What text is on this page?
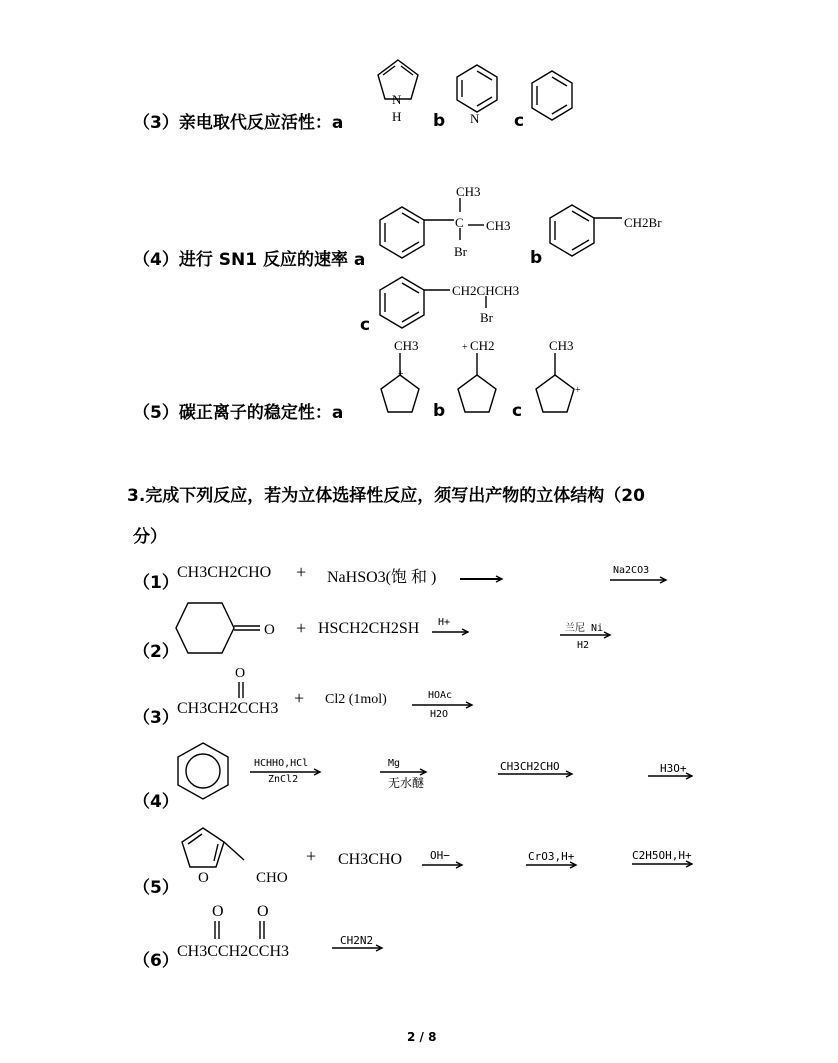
（3）亲电取代反应活性：a
N
H b N c
（4）进行 SN1 反应的速率 a
CH3
C CH3
Br	b
CH2Br
c
CH2CHCH3
Br
（5）碳正离子的稳定性：a
CH3
+
b
+ CH2
c
CH3
+
3.完成下列反应，若为立体选择性反应，须写出产物的立体结构（20
分）
（1）
CH3CH2CHO + NaHSO3(饱 和 )	Na2CO3
（2）
O + HSCH2CH2SH H+
兰尼 Ni
H2
（3）
O
CH3CH2CCH3
+ Cl2 (1mol)	HOAc
H2O
（4）
HCHHO,HCl
ZnCl2
Mg
无水醚
CH3CH2CHO	H3O+
（5） O	CHO
+ CH3CHO	OH−	CrO3,H+	C2H5OH,H+
（6）
O O
CH3CCH2CCH3
CH2N2
2 / 8
